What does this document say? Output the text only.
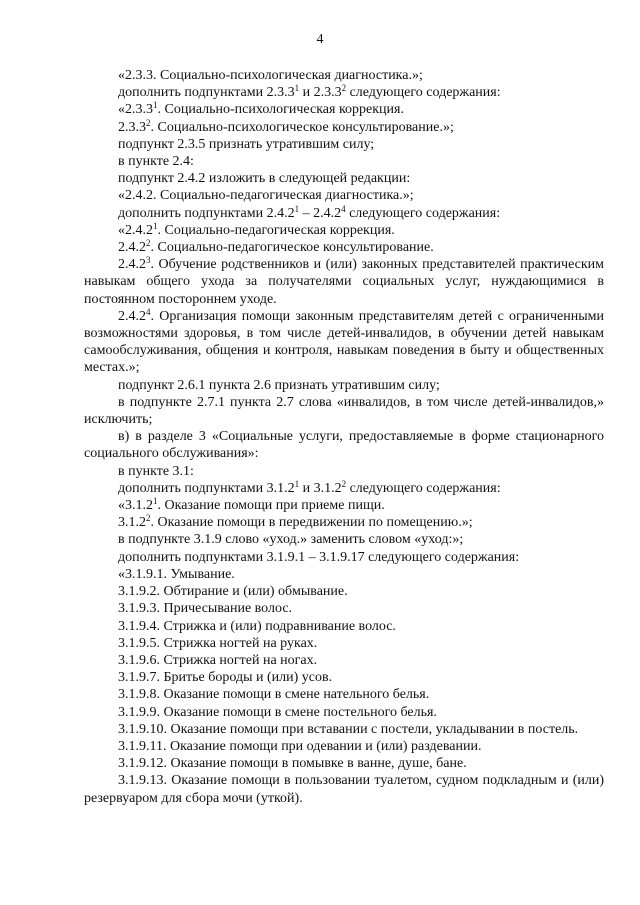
4

«2.3.3. Социально-психологическая диагностика.»;

дополнить подпунктами 2.3.3$^1$ и 2.3.3$^2$ следующего содержания:

«2.3.3$^1$. Социально-психологическая коррекция.

2.3.3$^2$. Социально-психологическое консультирование.»;

подпункт 2.3.5 признать утратившим силу;

в пункте 2.4:

подпункт 2.4.2 изложить в следующей редакции:

«2.4.2. Социально-педагогическая диагностика.»;

дополнить подпунктами 2.4.2$^1$ – 2.4.2$^4$ следующего содержания:

«2.4.2$^1$. Социально-педагогическая коррекция.

2.4.2$^2$. Социально-педагогическое консультирование.

2.4.2$^3$. Обучение родственников и (или) законных представителей практическим навыкам общего ухода за получателями социальных услуг, нуждающимися в постоянном постороннем уходе.

2.4.2$^4$. Организация помощи законным представителям детей с ограниченными возможностями здоровья, в том числе детей-инвалидов, в обучении детей навыкам самообслуживания, общения и контроля, навыкам поведения в быту и общественных местах.»;

подпункт 2.6.1 пункта 2.6 признать утратившим силу;

в подпункте 2.7.1 пункта 2.7 слова «инвалидов, в том числе детей-инвалидов,» исключить;

в) в разделе 3 «Социальные услуги, предоставляемые в форме стационарного социального обслуживания»:

в пункте 3.1:

дополнить подпунктами 3.1.2$^1$ и 3.1.2$^2$ следующего содержания:

«3.1.2$^1$. Оказание помощи при приеме пищи.

3.1.2$^2$. Оказание помощи в передвижении по помещению.»;

в подпункте 3.1.9 слово «уход.» заменить словом «уход:»;

дополнить подпунктами 3.1.9.1 – 3.1.9.17 следующего содержания:

«3.1.9.1. Умывание.

3.1.9.2. Обтирание и (или) обмывание.

3.1.9.3. Причесывание волос.

3.1.9.4. Стрижка и (или) подравнивание волос.

3.1.9.5. Стрижка ногтей на руках.

3.1.9.6. Стрижка ногтей на ногах.

3.1.9.7. Бритье бороды и (или) усов.

3.1.9.8. Оказание помощи в смене нательного белья.

3.1.9.9. Оказание помощи в смене постельного белья.

3.1.9.10. Оказание помощи при вставании с постели, укладывании в постель.

3.1.9.11. Оказание помощи при одевании и (или) раздевании.

3.1.9.12. Оказание помощи в помывке в ванне, душе, бане.

3.1.9.13. Оказание помощи в пользовании туалетом, судном подкладным и (или) резервуаром для сбора мочи (уткой).
